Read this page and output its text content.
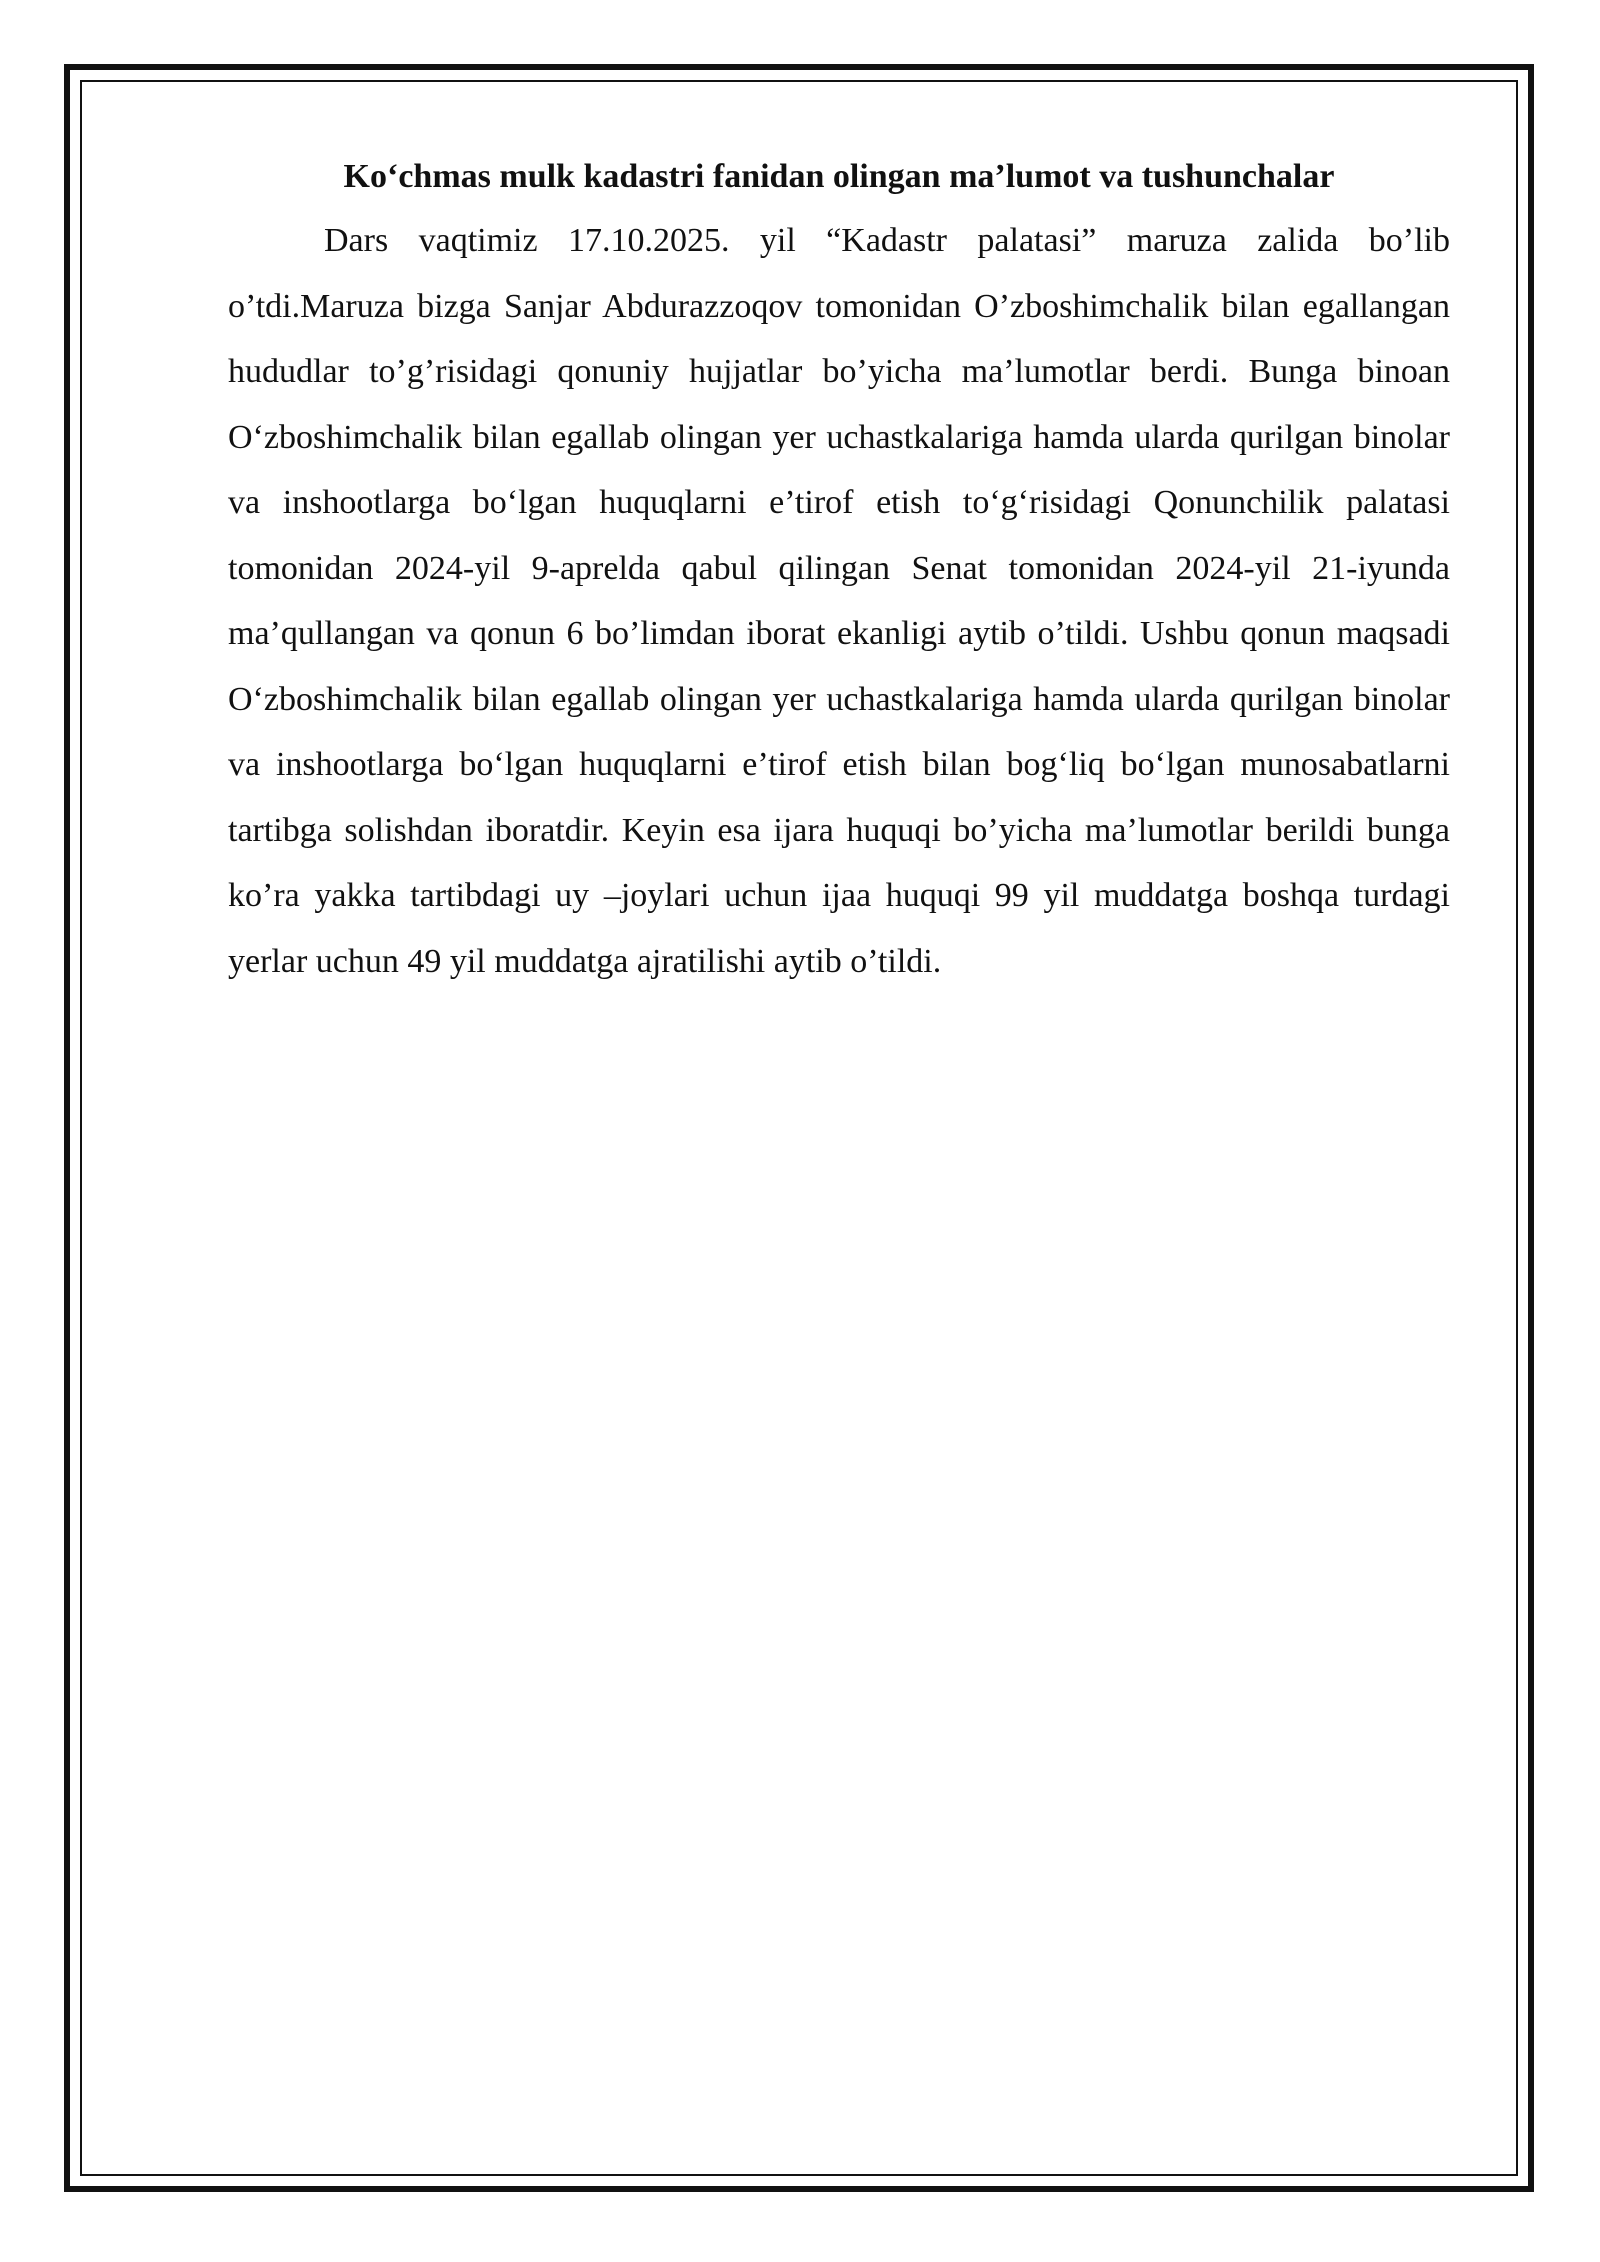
Ko‘chmas mulk kadastri fanidan olingan ma’lumot va tushunchalar

Dars vaqtimiz 17.10.2025. yil “Kadastr palatasi” maruza zalida bo’lib o’tdi.Maruza bizga Sanjar Abdurazzoqov tomonidan O’zboshimchalik bilan egallangan hududlar to’g’risidagi qonuniy hujjatlar bo’yicha ma’lumotlar berdi. Bunga binoan O‘zboshimchalik bilan egallab olingan yer uchastkalariga hamda ularda qurilgan binolar va inshootlarga bo‘lgan huquqlarni e’tirof etish to‘g‘risidagi Qonunchilik palatasi tomonidan 2024-yil 9-aprelda qabul qilingan Senat tomonidan 2024-yil 21-iyunda ma’qullangan va qonun 6 bo’limdan iborat ekanligi aytib o’tildi. Ushbu qonun maqsadi O‘zboshimchalik bilan egallab olingan yer uchastkalariga hamda ularda qurilgan binolar va inshootlarga bo‘lgan huquqlarni e’tirof etish bilan bog‘liq bo‘lgan munosabatlarni tartibga solishdan iboratdir. Keyin esa ijara huquqi bo’yicha ma’lumotlar berildi bunga ko’ra yakka tartibdagi uy –joylari uchun ijaa huquqi 99 yil muddatga boshqa turdagi yerlar uchun 49 yil muddatga ajratilishi aytib o’tildi.
